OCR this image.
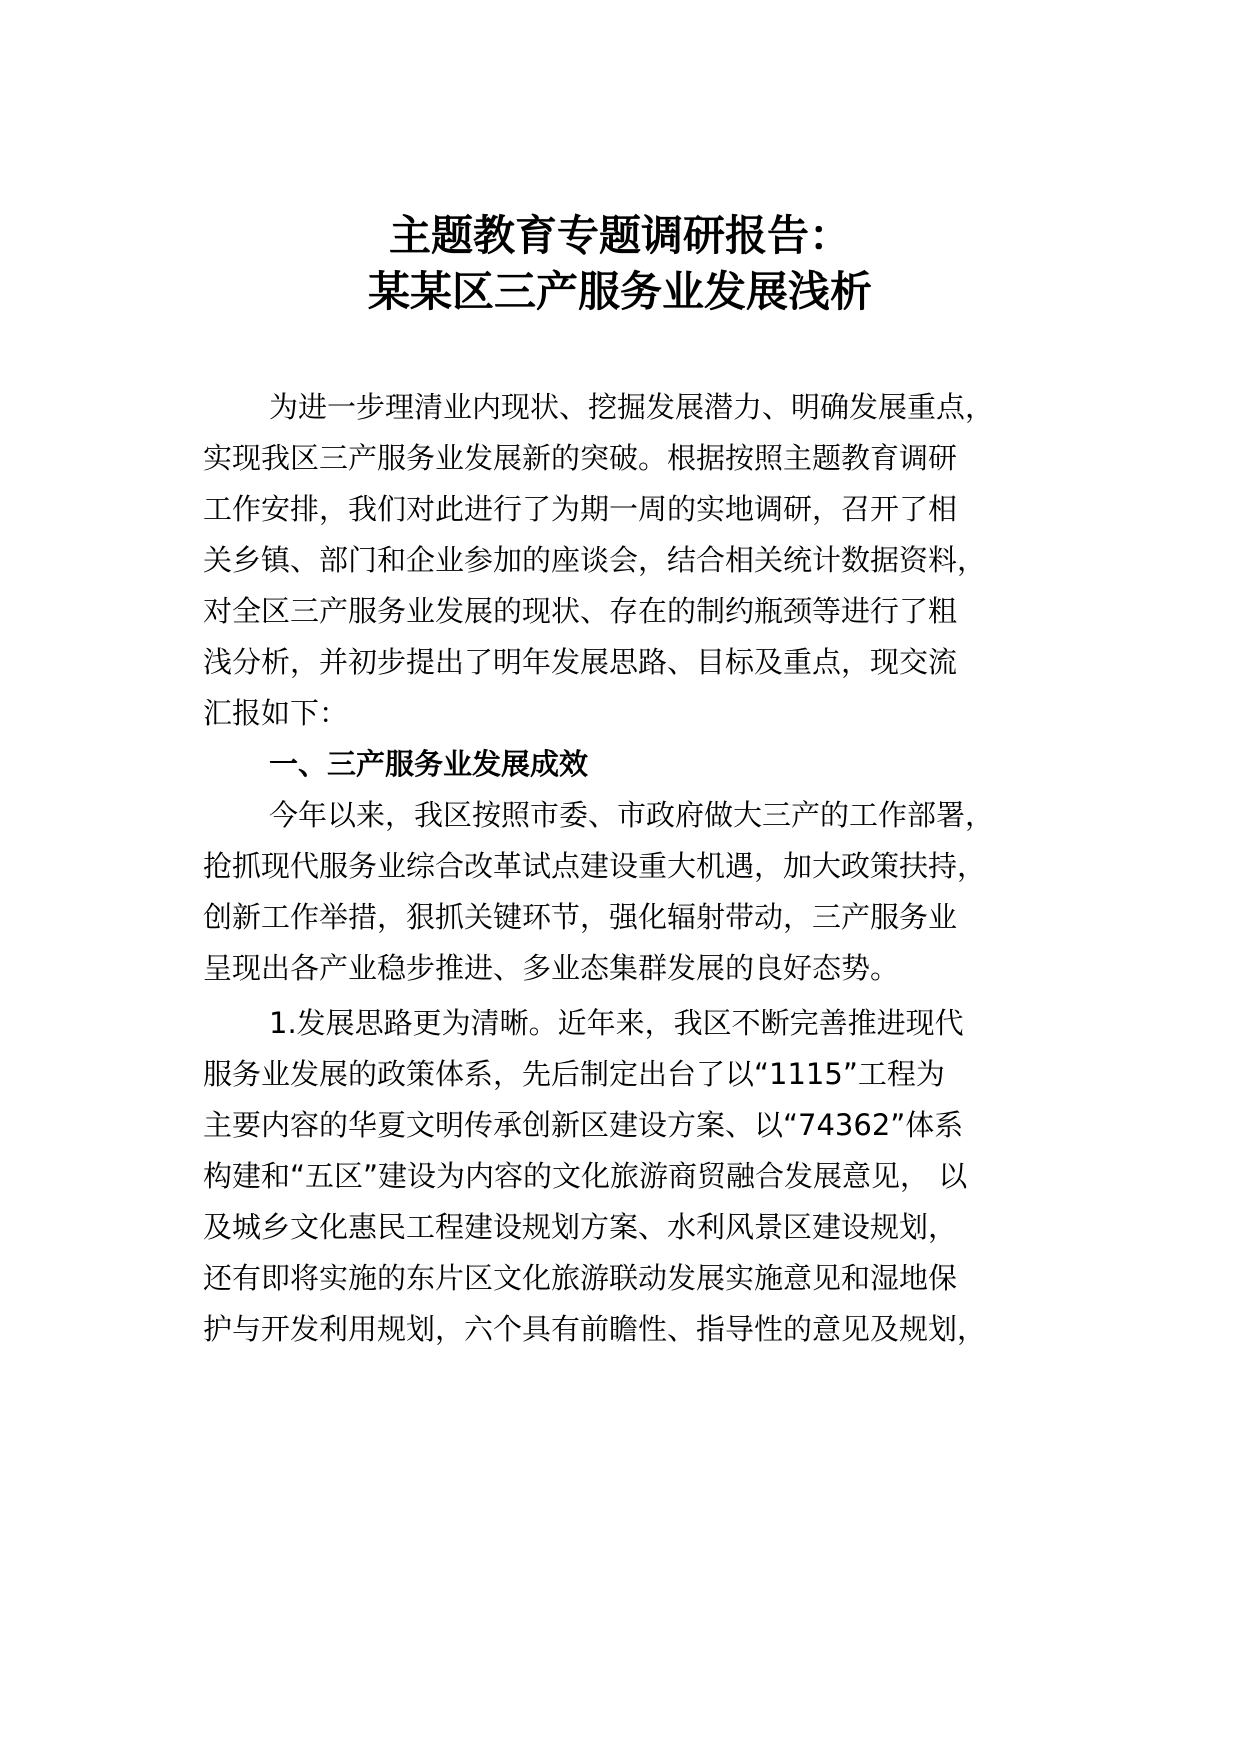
主题教育专题调研报告：
某某区三产服务业发展浅析
为进一步理清业内现状、挖掘发展潜力、明确发展重点，
实现我区三产服务业发展新的突破。根据按照主题教育调研
工作安排，我们对此进行了为期一周的实地调研，召开了相
关乡镇、部门和企业参加的座谈会，结合相关统计数据资料，
对全区三产服务业发展的现状、存在的制约瓶颈等进行了粗
浅分析，并初步提出了明年发展思路、目标及重点，现交流
汇报如下：
一、三产服务业发展成效
今年以来，我区按照市委、市政府做大三产的工作部署，
抢抓现代服务业综合改革试点建设重大机遇，加大政策扶持，
创新工作举措，狠抓关键环节，强化辐射带动，三产服务业
呈现出各产业稳步推进、多业态集群发展的良好态势。
1.发展思路更为清晰。近年来，我区不断完善推进现代
服务业发展的政策体系，先后制定出台了以“1115”工程为
主要内容的华夏文明传承创新区建设方案、以“74362”体系
构建和“五区”建设为内容的文化旅游商贸融合发展意见， 以
及城乡文化惠民工程建设规划方案、水利风景区建设规划，
还有即将实施的东片区文化旅游联动发展实施意见和湿地保
护与开发利用规划，六个具有前瞻性、指导性的意见及规划，
